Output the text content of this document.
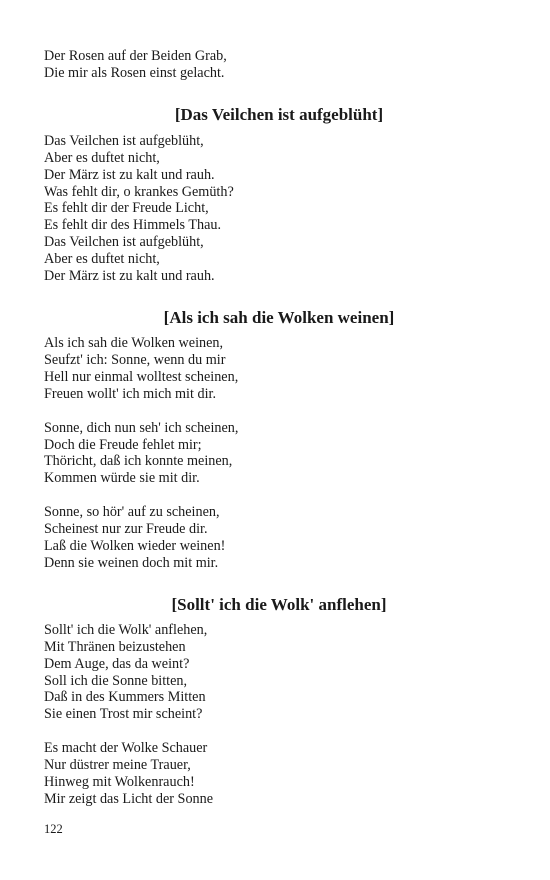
Der Rosen auf der Beiden Grab,
Die mir als Rosen einst gelacht.
[Das Veilchen ist aufgeblüht]
Das Veilchen ist aufgeblüht,
Aber es duftet nicht,
Der März ist zu kalt und rauh.
Was fehlt dir, o krankes Gemüth?
Es fehlt dir der Freude Licht,
Es fehlt dir des Himmels Thau.
Das Veilchen ist aufgeblüht,
Aber es duftet nicht,
Der März ist zu kalt und rauh.
[Als ich sah die Wolken weinen]
Als ich sah die Wolken weinen,
Seufzt' ich: Sonne, wenn du mir
Hell nur einmal wolltest scheinen,
Freuen wollt' ich mich mit dir.
Sonne, dich nun seh' ich scheinen,
Doch die Freude fehlet mir;
Thöricht, daß ich konnte meinen,
Kommen würde sie mit dir.
Sonne, so hör' auf zu scheinen,
Scheinest nur zur Freude dir.
Laß die Wolken wieder weinen!
Denn sie weinen doch mit mir.
[Sollt' ich die Wolk' anflehen]
Sollt' ich die Wolk' anflehen,
Mit Thränen beizustehen
Dem Auge, das da weint?
Soll ich die Sonne bitten,
Daß in des Kummers Mitten
Sie einen Trost mir scheint?
Es macht der Wolke Schauer
Nur düstrer meine Trauer,
Hinweg mit Wolkenrauch!
Mir zeigt das Licht der Sonne
122
